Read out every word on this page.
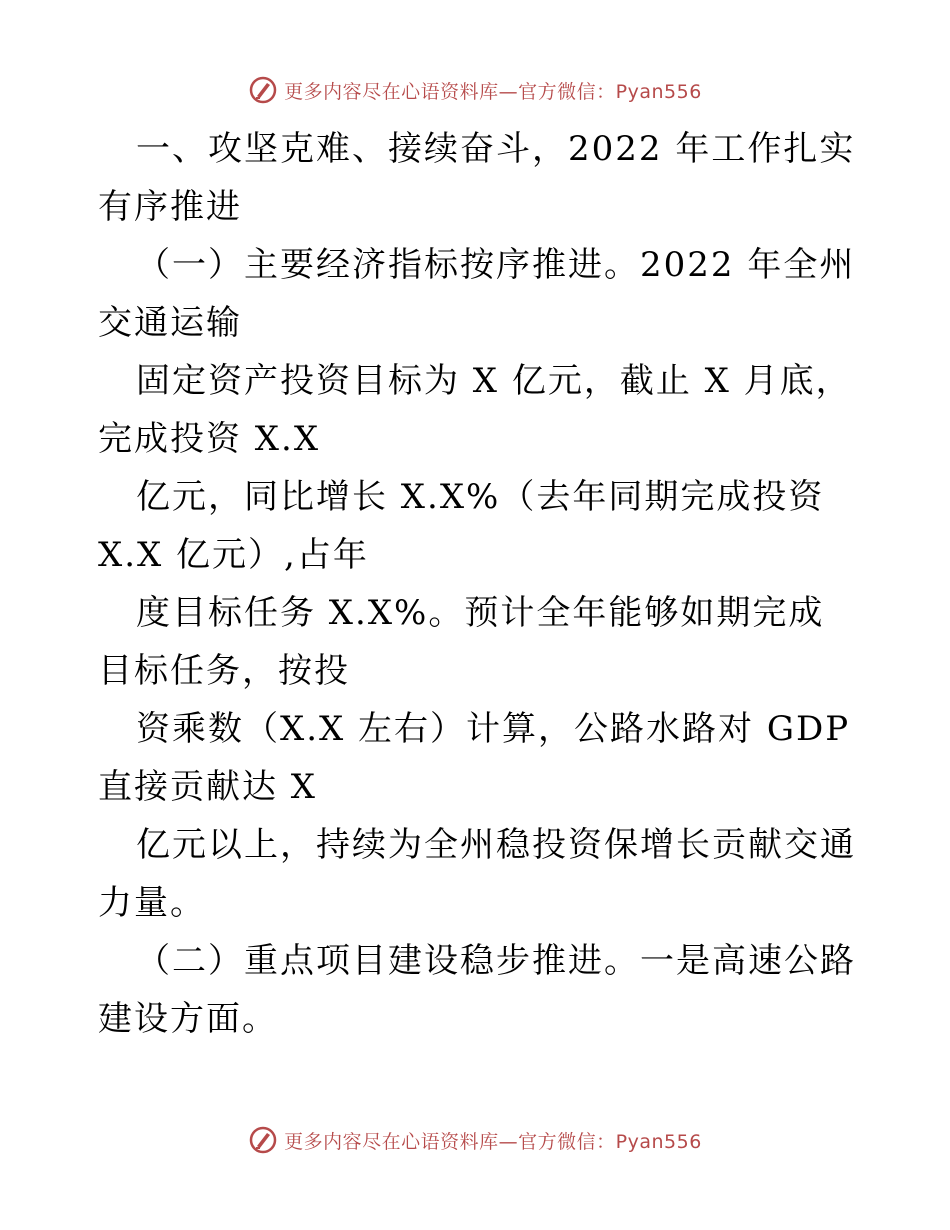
更多内容尽在心语资料库—官方微信：Pyan556

一、攻坚克难、接续奋斗，2022 年工作扎实有序推进

（一）主要经济指标按序推进。2022 年全州交通运输

固定资产投资目标为 X 亿元，截止 X 月底，完成投资 X.X

亿元，同比增长 X.X%（去年同期完成投资 X.X 亿元）,占年

度目标任务 X.X%。预计全年能够如期完成目标任务，按投

资乘数（X.X 左右）计算，公路水路对 GDP 直接贡献达 X

亿元以上，持续为全州稳投资保增长贡献交通力量。

（二）重点项目建设稳步推进。一是高速公路建设方面。

更多内容尽在心语资料库—官方微信：Pyan556
